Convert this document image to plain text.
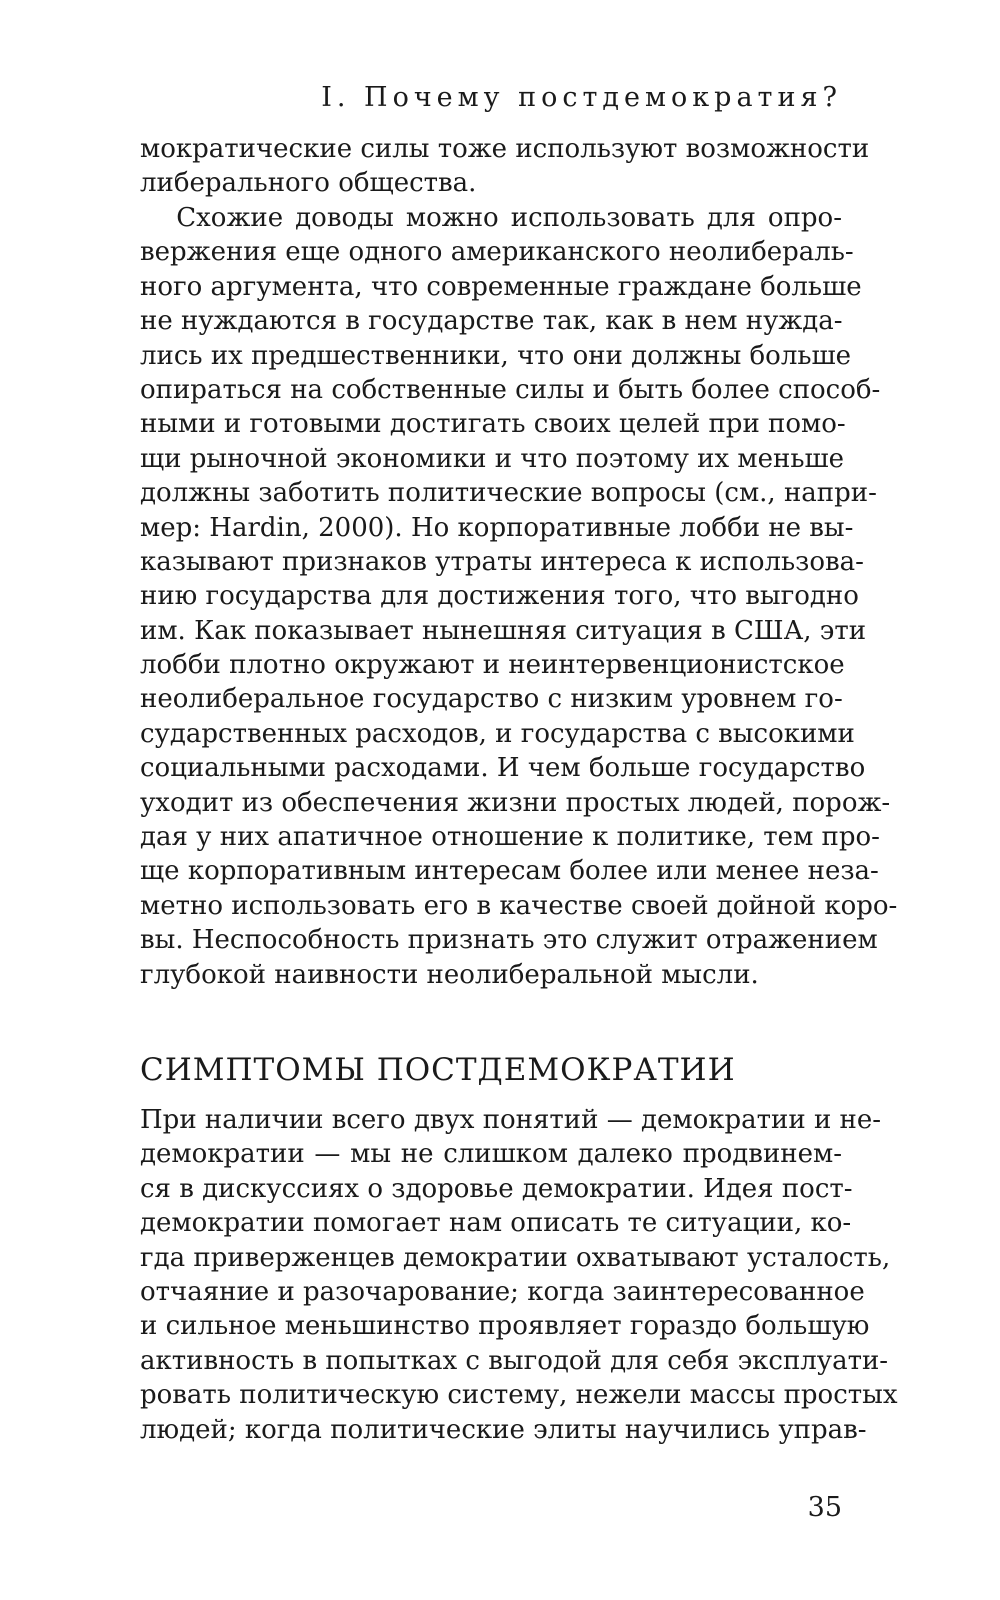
I. Почему постдемократия?
мократические силы тоже используют возможности
либерального общества.
Схожие доводы можно использовать для опро-
вержения еще одного американского неолибераль-
ного аргумента, что современные граждане больше
не нуждаются в государстве так, как в нем нужда-
лись их предшественники, что они должны больше
опираться на собственные силы и быть более способ-
ными и готовыми достигать своих целей при помо-
щи рыночной экономики и что поэтому их меньше
должны заботить политические вопросы (см., напри-
мер: Hardin, 2000). Но корпоративные лобби не вы-
казывают признаков утраты интереса к использова-
нию государства для достижения того, что выгодно
им. Как показывает нынешняя ситуация в США, эти
лобби плотно окружают и неинтервенционистское
неолиберальное государство с низким уровнем го-
сударственных расходов, и государства с высокими
социальными расходами. И чем больше государство
уходит из обеспечения жизни простых людей, порож-
дая у них апатичное отношение к политике, тем про-
ще корпоративным интересам более или менее неза-
метно использовать его в качестве своей дойной коро-
вы. Неспособность признать это служит отражением
глубокой наивности неолиберальной мысли.
СИМПТОМЫ ПОСТДЕМОКРАТИИ
При наличии всего двух понятий — демократии и не-
демократии — мы не слишком далеко продвинем-
ся в дискуссиях о здоровье демократии. Идея пост-
демократии помогает нам описать те ситуации, ко-
гда приверженцев демократии охватывают усталость,
отчаяние и разочарование; когда заинтересованное
и сильное меньшинство проявляет гораздо большую
активность в попытках с выгодой для себя эксплуати-
ровать политическую систему, нежели массы простых
людей; когда политические элиты научились управ-
35
